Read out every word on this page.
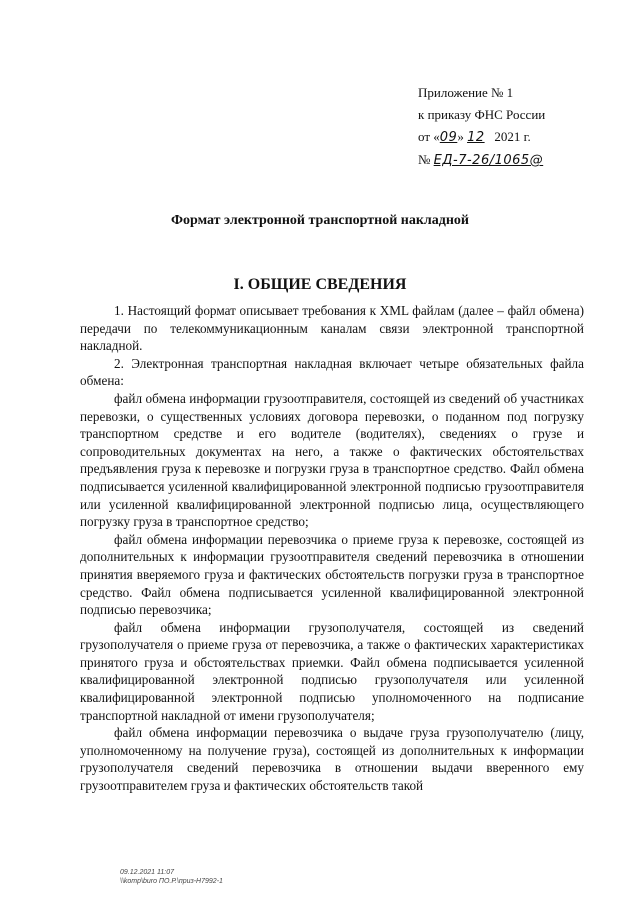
Приложение № 1
к приказу ФНС России
от «09» 12 2021 г.
№ ЕД-7-26/1065@
Формат электронной транспортной накладной
I. ОБЩИЕ СВЕДЕНИЯ

1. Настоящий формат описывает требования к XML файлам (далее – файл обмена) передачи по телекоммуникационным каналам связи электронной транспортной накладной.

2. Электронная транспортная накладная включает четыре обязательных файла обмена:

файл обмена информации грузоотправителя, состоящей из сведений об участниках перевозки, о существенных условиях договора перевозки, о поданном под погрузку транспортном средстве и его водителе (водителях), сведениях о грузе и сопроводительных документах на него, а также о фактических обстоятельствах предъявления груза к перевозке и погрузки груза в транспортное средство. Файл обмена подписывается усиленной квалифицированной электронной подписью грузоотправителя или усиленной квалифицированной электронной подписью лица, осуществляющего погрузку груза в транспортное средство;

файл обмена информации перевозчика о приеме груза к перевозке, состоящей из дополнительных к информации грузоотправителя сведений перевозчика в отношении принятия вверяемого груза и фактических обстоятельств погрузки груза в транспортное средство. Файл обмена подписывается усиленной квалифицированной электронной подписью перевозчика;

файл обмена информации грузополучателя, состоящей из сведений грузополучателя о приеме груза от перевозчика, а также о фактических характеристиках принятого груза и обстоятельствах приемки. Файл обмена подписывается усиленной квалифицированной электронной подписью грузополучателя или усиленной квалифицированной электронной подписью уполномоченного на подписание транспортной накладной от имени грузополучателя;

файл обмена информации перевозчика о выдаче груза грузополучателю (лицу, уполномоченному на получение груза), состоящей из дополнительных к информации грузополучателя сведений перевозчика в отношении выдачи вверенного ему грузоотправителем груза и фактических обстоятельств такой

09.12.2021 11:07
\\komp\buro ПО.Р.\приз-Н7992-1
